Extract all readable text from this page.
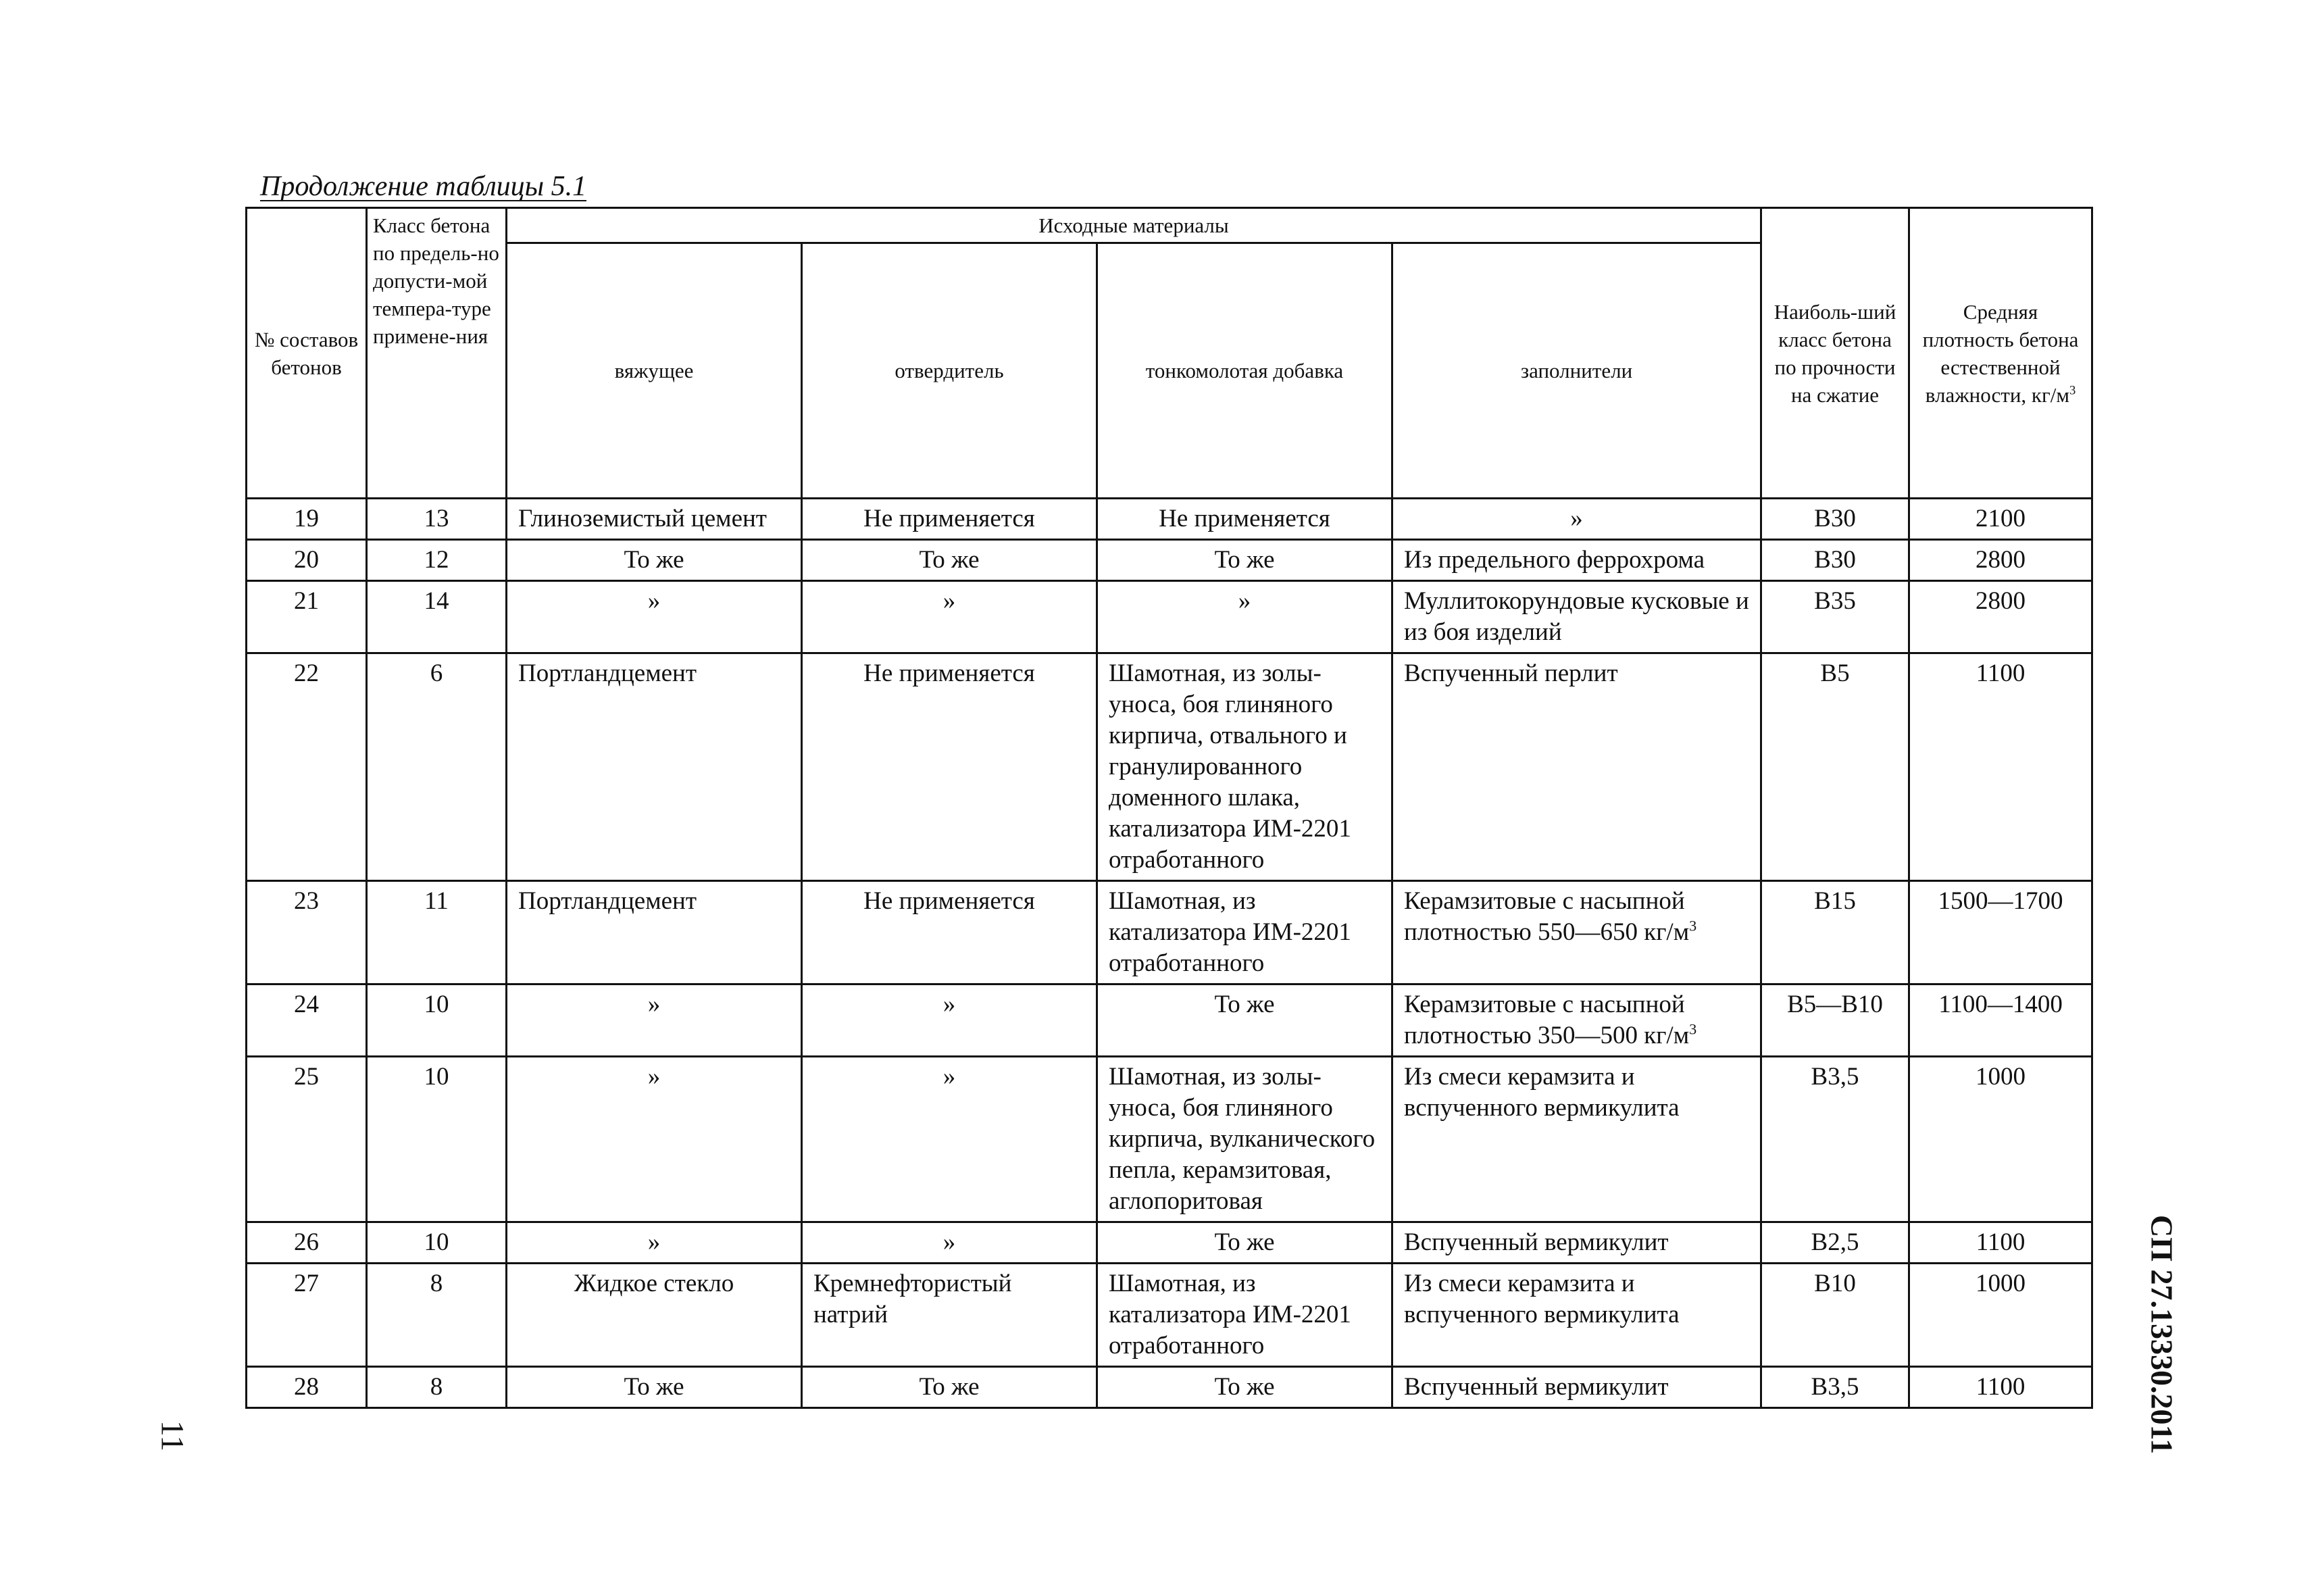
Продолжение таблицы 5.1
№ составов бетонов	Класс бетона по предель-но допусти-мой темпера-туре примене-ния	Исходные материалы				Наиболь-ший класс бетона по прочности на сжатие	Средняя плотность бетона естественной влажности, $кг/м^3$
		вяжущее	отвердитель	тонкомолотая добавка	заполнители		
19	13	Глиноземистый цемент	Не применяется	Не применяется	»	В30	2100
20	12	То же	То же	То же	Из предельного феррохрома	В30	2800
21	14	»	»	»	Муллитокорундовые кусковые и из боя изделий	В35	2800
22	6	Портландцемент	Не применяется	Шамотная, из золы-уноса, боя глиняного кирпича, отвального и гранулированного доменного шлака, катализатора ИМ-2201 отработанного	Вспученный перлит	В5	1100
23	11	Портландцемент	Не применяется	Шамотная, из катализатора ИМ-2201 отработанного	Керамзитовые с насыпной плотностью 550—650 $кг/м^3$	В15	1500—1700
24	10	»	»	То же	Керамзитовые с насыпной плотностью 350—500 $кг/м^3$	В5—В10	1100—1400
25	10	»	»	Шамотная, из золы-уноса, боя глиняного кирпича, вулканического пепла, керамзитовая, аглопоритовая	Из смеси керамзита и вспученного вермикулита	В3,5	1000
26	10	»	»	То же	Вспученный вермикулит	В2,5	1100
27	8	Жидкое стекло	Кремнефтористый натрий	Шамотная, из катализатора ИМ-2201 отработанного	Из смеси керамзита и вспученного вермикулита	В10	1000
28	8	То же	То же	То же	Вспученный вермикулит	В3,5	1100	СП 27.13330.2011
11
